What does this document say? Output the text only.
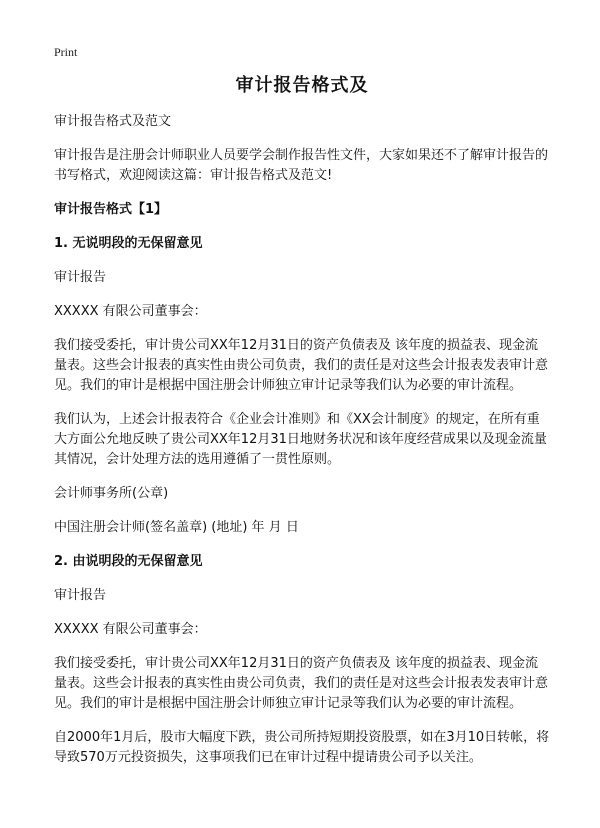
Print
审计报告格式及
审计报告格式及范文
审计报告是注册会计师职业人员要学会制作报告性文件，大家如果还不了解审计报告的书写格式，欢迎阅读这篇：审计报告格式及范文!
审计报告格式【1】
1. 无说明段的无保留意见
审计报告
XXXXX 有限公司董事会：
我们接受委托，审计贵公司XX年12月31日的资产负债表及 该年度的损益表、现金流量表。这些会计报表的真实性由贵公司负责，我们的责任是对这些会计报表发表审计意见。我们的审计是根据中国注册会计师独立审计记录等我们认为必要的审计流程。
我们认为，上述会计报表符合《企业会计准则》和《XX会计制度》的规定，在所有重大方面公允地反映了贵公司XX年12月31日地财务状况和该年度经营成果以及现金流量其情况，会计处理方法的选用遵循了一贯性原则。
会计师事务所(公章)
中国注册会计师(签名盖章) (地址) 年 月 日
2. 由说明段的无保留意见
审计报告
XXXXX 有限公司董事会：
我们接受委托，审计贵公司XX年12月31日的资产负债表及 该年度的损益表、现金流量表。这些会计报表的真实性由贵公司负责，我们的责任是对这些会计报表发表审计意见。我们的审计是根据中国注册会计师独立审计记录等我们认为必要的审计流程。
自2000年1月后，股市大幅度下跌，贵公司所持短期投资股票，如在3月10日转帐，将导致570万元投资损失，这事项我们已在审计过程中提请贵公司予以关注。
